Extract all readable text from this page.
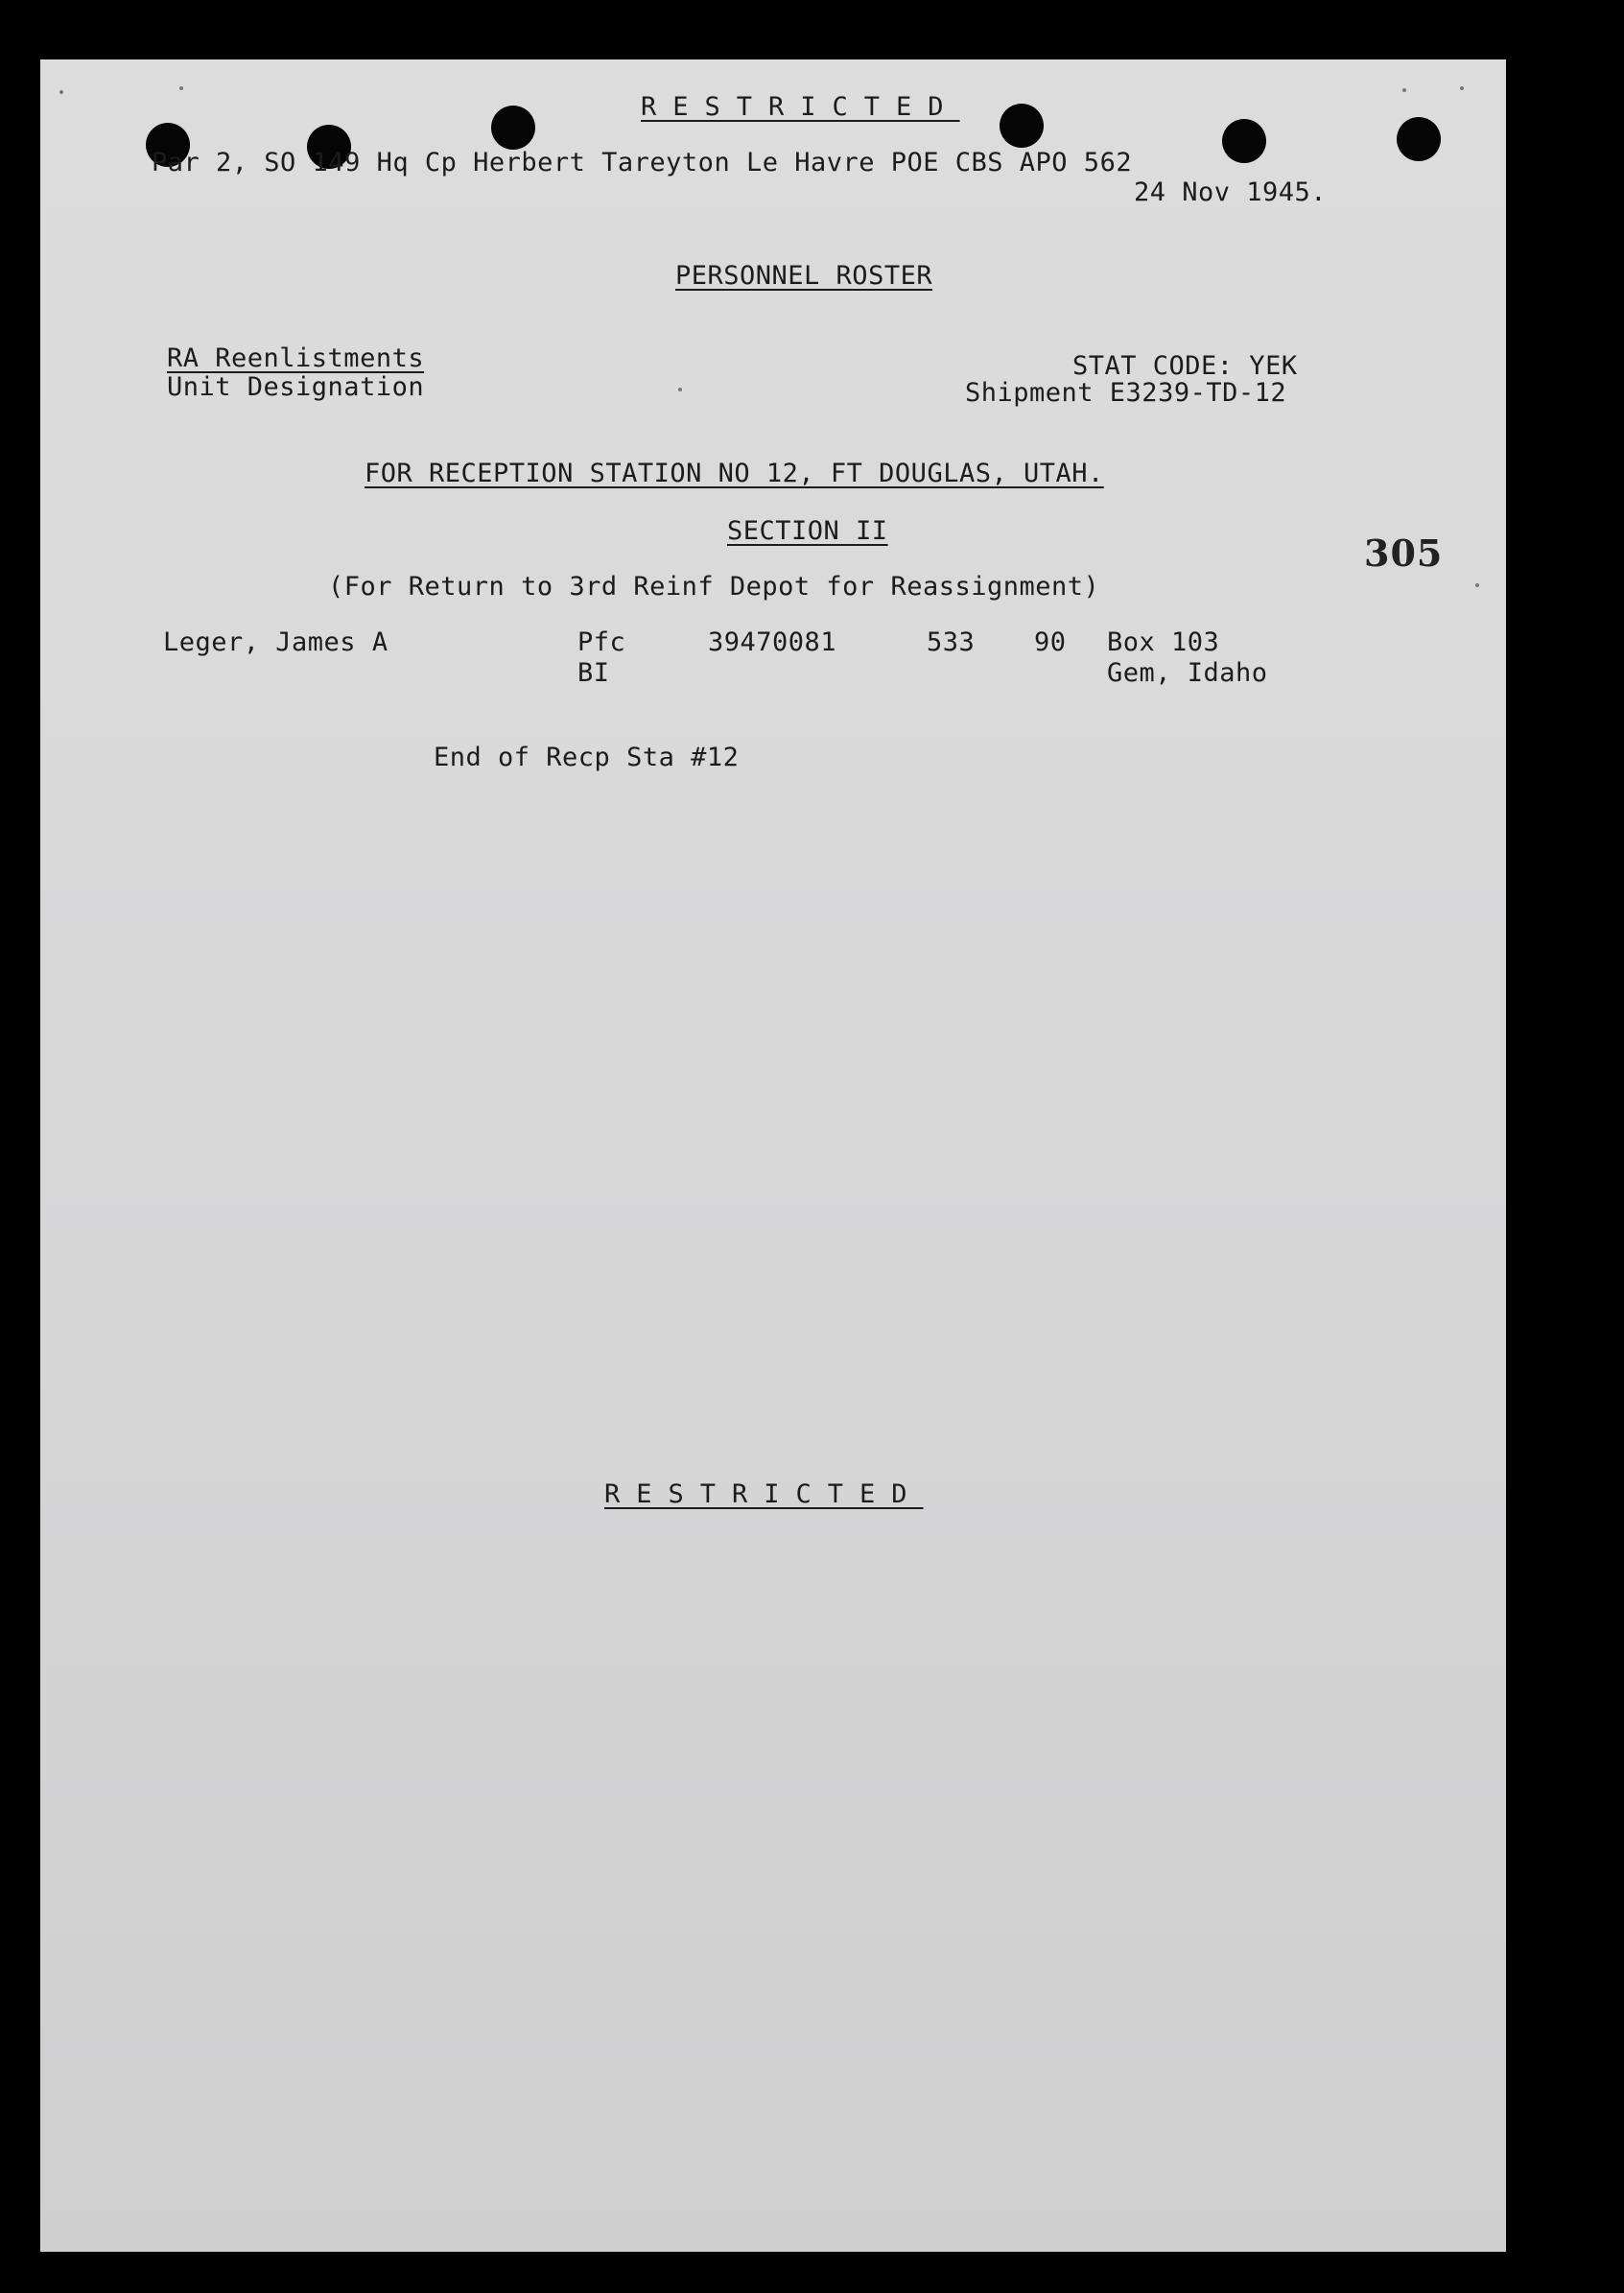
RESTRICTED
Par 2, SO 149 Hq Cp Herbert Tareyton Le Havre POE CBS APO 562
24 Nov 1945.
PERSONNEL ROSTER
RA Reenlistments
Unit Designation
STAT CODE: YEK
Shipment E3239-TD-12
FOR RECEPTION STATION NO 12, FT DOUGLAS, UTAH.
SECTION II
305
(For Return to 3rd Reinf Depot for Reassignment)
Leger, James A	Pfc
BI
39470081	533 90 Box 103
Gem, Idaho
End of Recp Sta #12
RESTRICTED
